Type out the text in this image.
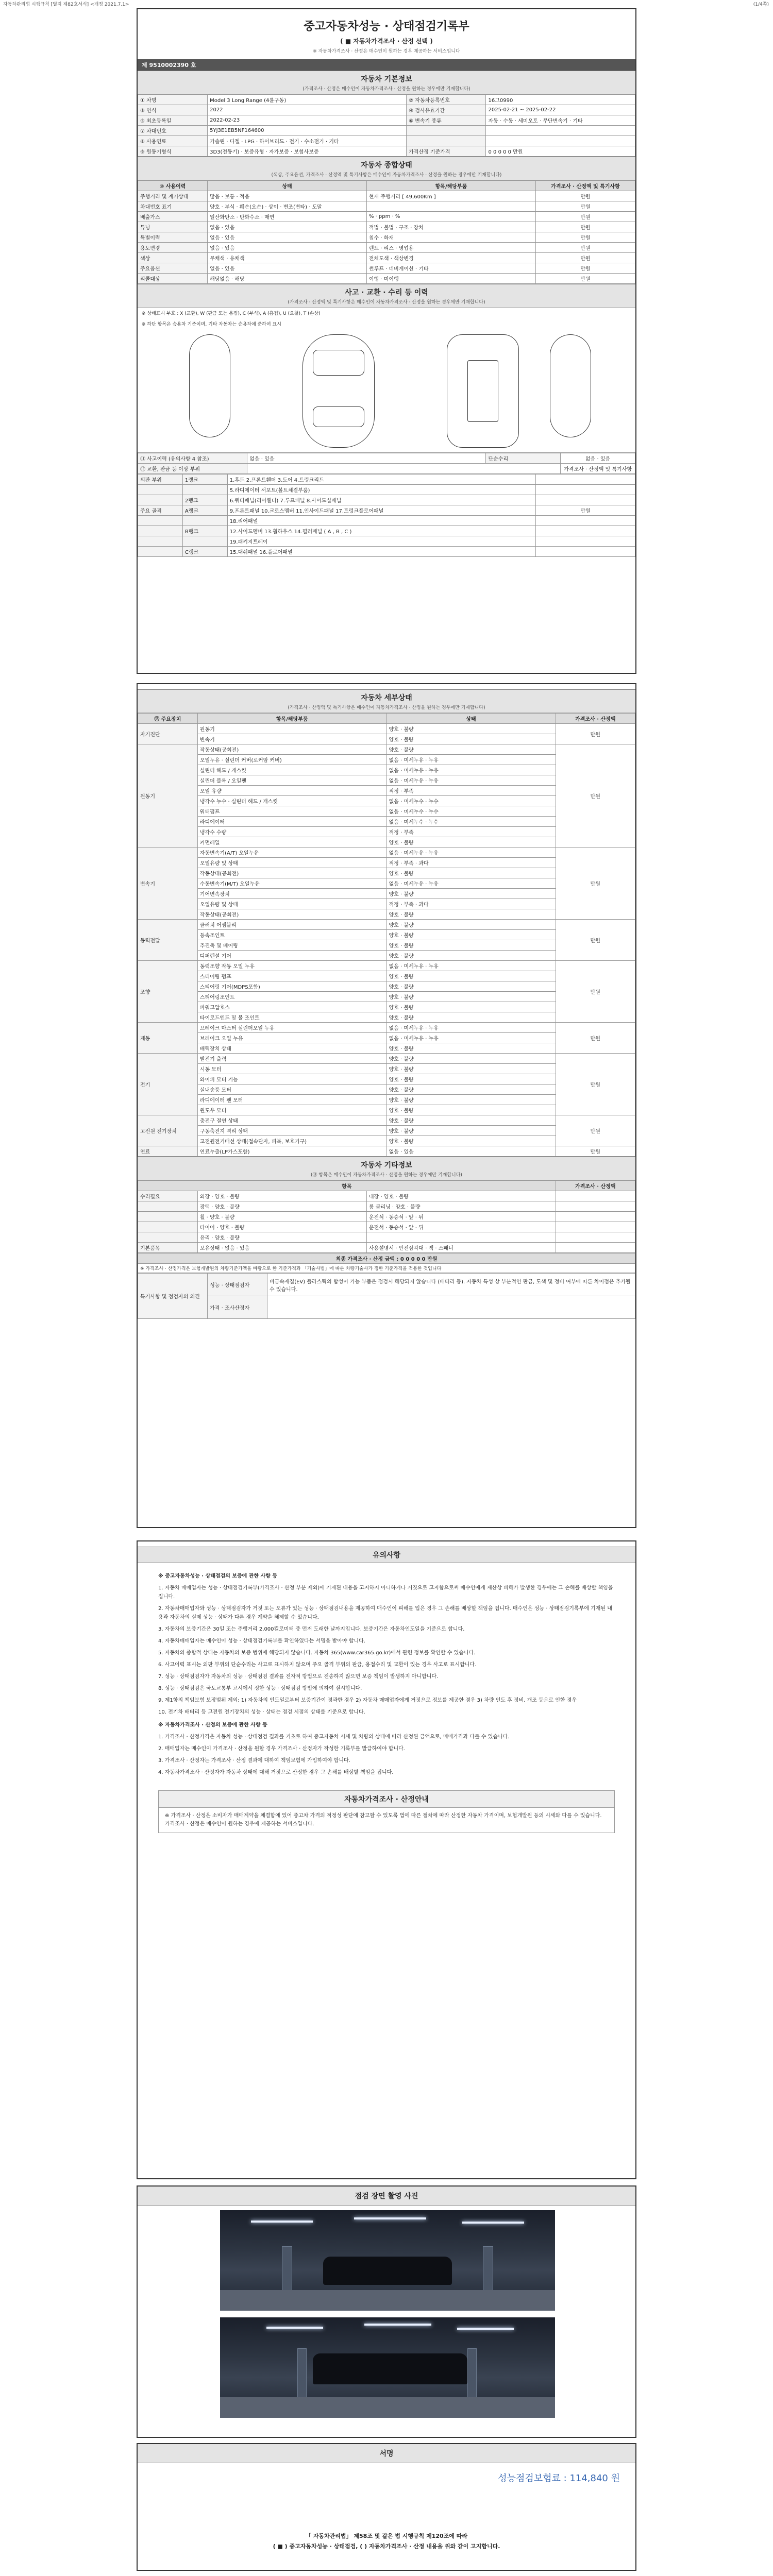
자동차관리법 시행규칙 [별지 제82호서식] <개정 2021.7.1>	(1/4쪽)
중고자동차성능 · 상태점검기록부
( ■ 자동차가격조사 · 산정 선택 )
※ 자동차가격조사 · 산정은 매수인이 원하는 경우 제공하는 서비스입니다
제 9510002390 호
자동차 기본정보
(가격조사 · 산정은 매수인이 자동차가격조사 · 산정을 원하는 경우에만 기재합니다)
① 차명	Model 3 Long Range (4륜구동)	② 자동차등록번호	16그0990
③ 연식	2022	④ 검사유효기간	2025-02-21 ~ 2025-02-22
⑤ 최초등록일	2022-02-23	⑥ 변속기 종류	자동 · 수동 · 세미오토 · 무단변속기 · 기타
⑦ 차대번호	5YJ3E1EB5NF164600		
⑧ 사용연료	가솔린 · 디젤 · LPG · 하이브리드 · 전기 · 수소전기 · 기타		
⑨ 원동기형식	3D3(전동기) · 보증유형 · 자가보증 · 보험사보증	가격산정 기준가격	0 0 0 0 0 만원
자동차 종합상태
(색상, 주요옵션, 가격조사 · 산정액 및 특기사항은 매수인이 자동차가격조사 · 산정을 원하는 경우에만 기재합니다)
⑩ 사용이력	상태	항목/해당부품	가격조사 · 산정액 및 특기사항
주행거리 및 계기상태	많음 · 보통 · 적음	현재 주행거리 [ 49,600Km ]	만원
차대번호 표기	양호 · 부식 · 훼손(오손) · 상이 · 변조(변타) · 도말		만원
배출가스	일산화탄소 · 탄화수소 · 매연	% · ppm · %	만원
튜닝	없음 · 있음	적법 · 불법 · 구조 · 장치	만원
특별이력	없음 · 있음	침수 · 화재	만원
용도변경	없음 · 있음	렌트 · 리스 · 영업용	만원
색상	무채색 · 유채색	전체도색 · 색상변경	만원
주요옵션	없음 · 있음	썬루프 · 네비게이션 · 기타	만원
리콜대상	해당없음 · 해당	이행 · 미이행	만원
사고 · 교환 · 수리 등 이력
(가격조사 · 산정액 및 특기사항은 매수인이 자동차가격조사 · 산정을 원하는 경우에만 기재합니다)
※ 상태표시 부호 : X (교환), W (판금 또는 용접), C (부식), A (흠집), U (요철), T (손상)
※ 하단 항목은 승용차 기준이며, 기타 자동차는 승용차에 준하여 표시
⑪ 사고이력 (유의사항 4 참조)	없음 · 있음	단순수리	없음 · 있음
⑫ 교환, 판금 등 이상 부위			가격조사 · 산정액 및 특기사항
외판 부위	1랭크	1.후드 2.프론트휀더 3.도어 4.트렁크리드	
		5.라디에이터 서포트(볼트체결부품)	
	2랭크	6.쿼터패널(리어휀더) 7.루프패널 8.사이드실패널	
주요 골격	A랭크	9.프론트패널 10.크로스멤버 11.인사이드패널 17.트렁크플로어패널	만원
		18.리어패널	
	B랭크	12.사이드멤버 13.휠하우스 14.필러패널 ( A , B , C )	
		19.패키지트레이	
	C랭크	15.대쉬패널 16.플로어패널	
자동차 세부상태
(가격조사 · 산정액 및 특기사항은 매수인이 자동차가격조사 · 산정을 원하는 경우에만 기재합니다)
⑬ 주요장치	항목/해당부품	상태	가격조사 · 산정액
자기진단	원동기	양호 · 불량	만원
	변속기	양호 · 불량	
원동기	작동상태(공회전)	양호 · 불량	만원
	오일누유 · 실린더 커버(로커암 커버)	없음 · 미세누유 · 누유	
	실린더 헤드 / 개스킷	없음 · 미세누유 · 누유	
	실린더 블록 / 오일팬	없음 · 미세누유 · 누유	
	오일 유량	적정 · 부족	
	냉각수 누수 · 실린더 헤드 / 개스킷	없음 · 미세누수 · 누수	
	워터펌프	없음 · 미세누수 · 누수	
	라디에이터	없음 · 미세누수 · 누수	
	냉각수 수량	적정 · 부족	
	커먼레일	양호 · 불량	
변속기	자동변속기(A/T) 오일누유	없음 · 미세누유 · 누유	만원
	오일유량 및 상태	적정 · 부족 · 과다	
	작동상태(공회전)	양호 · 불량	
	수동변속기(M/T) 오일누유	없음 · 미세누유 · 누유	
	기어변속장치	양호 · 불량	
	오일유량 및 상태	적정 · 부족 · 과다	
	작동상태(공회전)	양호 · 불량	
동력전달	클러치 어셈블리	양호 · 불량	만원
	등속조인트	양호 · 불량	
	추진축 및 베어링	양호 · 불량	
	디퍼렌셜 기어	양호 · 불량	
조향	동력조향 작동 오일 누유	없음 · 미세누유 · 누유	만원
	스티어링 펌프	양호 · 불량	
	스티어링 기어(MDPS포함)	양호 · 불량	
	스티어링조인트	양호 · 불량	
	파워고압호스	양호 · 불량	
	타이로드엔드 및 볼 조인트	양호 · 불량	
제동	브레이크 마스터 실린더오일 누유	없음 · 미세누유 · 누유	만원
	브레이크 오일 누유	없음 · 미세누유 · 누유	
	배력장치 상태	양호 · 불량	
전기	발전기 출력	양호 · 불량	만원
	시동 모터	양호 · 불량	
	와이퍼 모터 기능	양호 · 불량	
	실내송풍 모터	양호 · 불량	
	라디에이터 팬 모터	양호 · 불량	
	윈도우 모터	양호 · 불량	
고전원 전기장치	충전구 절연 상태	양호 · 불량	만원
	구동축전지 격리 상태	양호 · 불량	
	고전원전기배선 상태(접속단자, 피복, 보호기구)	양호 · 불량	
연료	연료누출(LP가스포함)	없음 · 있음	만원
자동차 기타정보
(⑭ 항목은 매수인이 자동차가격조사 · 산정을 원하는 경우에만 기재합니다)
항목			가격조사 · 산정액
수리필요	외장 · 양호 · 불량	내장 · 양호 · 불량	
	광택 · 양호 · 불량	룸 클리닝 · 양호 · 불량	
	휠 · 양호 · 불량	운전석 · 동승석 · 앞 · 뒤	
	타이어 · 양호 · 불량	운전석 · 동승석 · 앞 · 뒤	
	유리 · 양호 · 불량		
기본품목	보유상태 · 없음 · 있음	사용설명서 · 안전삼각대 · 잭 · 스패너	
최종 가격조사 · 산정 금액 : 0 0 0 0 0 만원
※ 가격조사 · 산정가격은 보험개발원의 차량기준가액을 바탕으로 한 기준가격과 「기술사법」에 따른 차량기술사가 정한 기준가격을 적용한 것입니다
특기사항 및 점검자의 의견	성능 · 상태점검자	비금속재질(EV) 플라스틱의 합성이 가능 부품은 점검시 해당되지 않습니다 (배터리 등). 자동차 특성 상 부분적인 판금, 도색 및 정비 여부에 따른 차이점은 추가될 수 있습니다.
	가격 · 조사산정자	
유의사항
※ 중고자동차성능 · 상태점검의 보증에 관한 사항 등

1. 자동차 매매업자는 성능 · 상태점검기록부(가격조사 · 산정 부분 제외)에 기재된 내용을 고지하지 아니하거나 거짓으로 고지함으로써 매수인에게 재산상 피해가 발생한 경우에는 그 손해를 배상할 책임을 집니다.

2. 자동차매매업자와 성능 · 상태점검자가 거짓 또는 오류가 있는 성능 · 상태점검내용을 제공하여 매수인이 피해를 입은 경우 그 손해를 배상할 책임을 집니다. 매수인은 성능 · 상태점검기록부에 기재된 내용과 자동차의 실제 성능 · 상태가 다른 경우 계약을 해제할 수 있습니다.

3. 자동차의 보증기간은 30일 또는 주행거리 2,000킬로미터 중 먼저 도래한 날까지입니다. 보증기간은 자동차인도일을 기준으로 합니다.

4. 자동차매매업자는 매수인이 성능 · 상태점검기록부를 확인하였다는 서명을 받아야 합니다.

5. 자동차의 종합적 상태는 자동차의 보증 범위에 해당되지 않습니다. 자동차 365(www.car365.go.kr)에서 관련 정보를 확인할 수 있습니다.

6. 사고이력 표시는 외판 부위의 단순수리는 사고로 표시하지 않으며 주요 골격 부위의 판금, 용접수리 및 교환이 있는 경우 사고로 표시합니다.

7. 성능 · 상태점검자가 자동차의 성능 · 상태점검 결과를 전자적 방법으로 전송하지 않으면 보증 책임이 발생하지 아니합니다.

8. 성능 · 상태점검은 국토교통부 고시에서 정한 성능 · 상태점검 방법에 의하여 실시합니다.

9. 제1항의 책임보험 보장범위 제외: 1) 자동차의 인도일로부터 보증기간이 경과한 경우 2) 자동차 매매업자에게 거짓으로 정보를 제공한 경우 3) 차량 인도 후 정비, 개조 등으로 인한 경우

10. 전기차 배터리 등 고전원 전기장치의 성능 · 상태는 점검 시점의 상태를 기준으로 합니다.

※ 자동차가격조사 · 산정의 보증에 관한 사항 등

1. 가격조사 · 산정가격은 자동차 성능 · 상태점검 결과를 기초로 하여 중고자동차 시세 및 차량의 상태에 따라 산정된 금액으로, 매매가격과 다를 수 있습니다.

2. 매매업자는 매수인이 가격조사 · 산정을 원할 경우 가격조사 · 산정자가 작성한 기록부를 발급하여야 합니다.

3. 가격조사 · 산정자는 가격조사 · 산정 결과에 대하여 책임보험에 가입하여야 합니다.

4. 자동차가격조사 · 산정자가 자동차 상태에 대해 거짓으로 산정한 경우 그 손해를 배상할 책임을 집니다.

자동차가격조사 · 산정안내
※ 가격조사 · 산정은 소비자가 매매계약을 체결함에 있어 중고차 가격의 적정성 판단에 참고할 수 있도록 법에 따른 절차에 따라 산정한 자동차 가격이며, 보험개발원 등의 시세와 다를 수 있습니다. 가격조사 · 산정은 매수인이 원하는 경우에 제공하는 서비스입니다.
점검 장면 촬영 사진
서명
성능점검보험료 : 114,840 원
「 자동차관리법」 제58조 및 같은 법 시행규칙 제120조에 따라
( ■ ) 중고자동차성능 · 상태점검, ( ) 자동차가격조사 · 산정 내용을 위와 같이 고지합니다.
